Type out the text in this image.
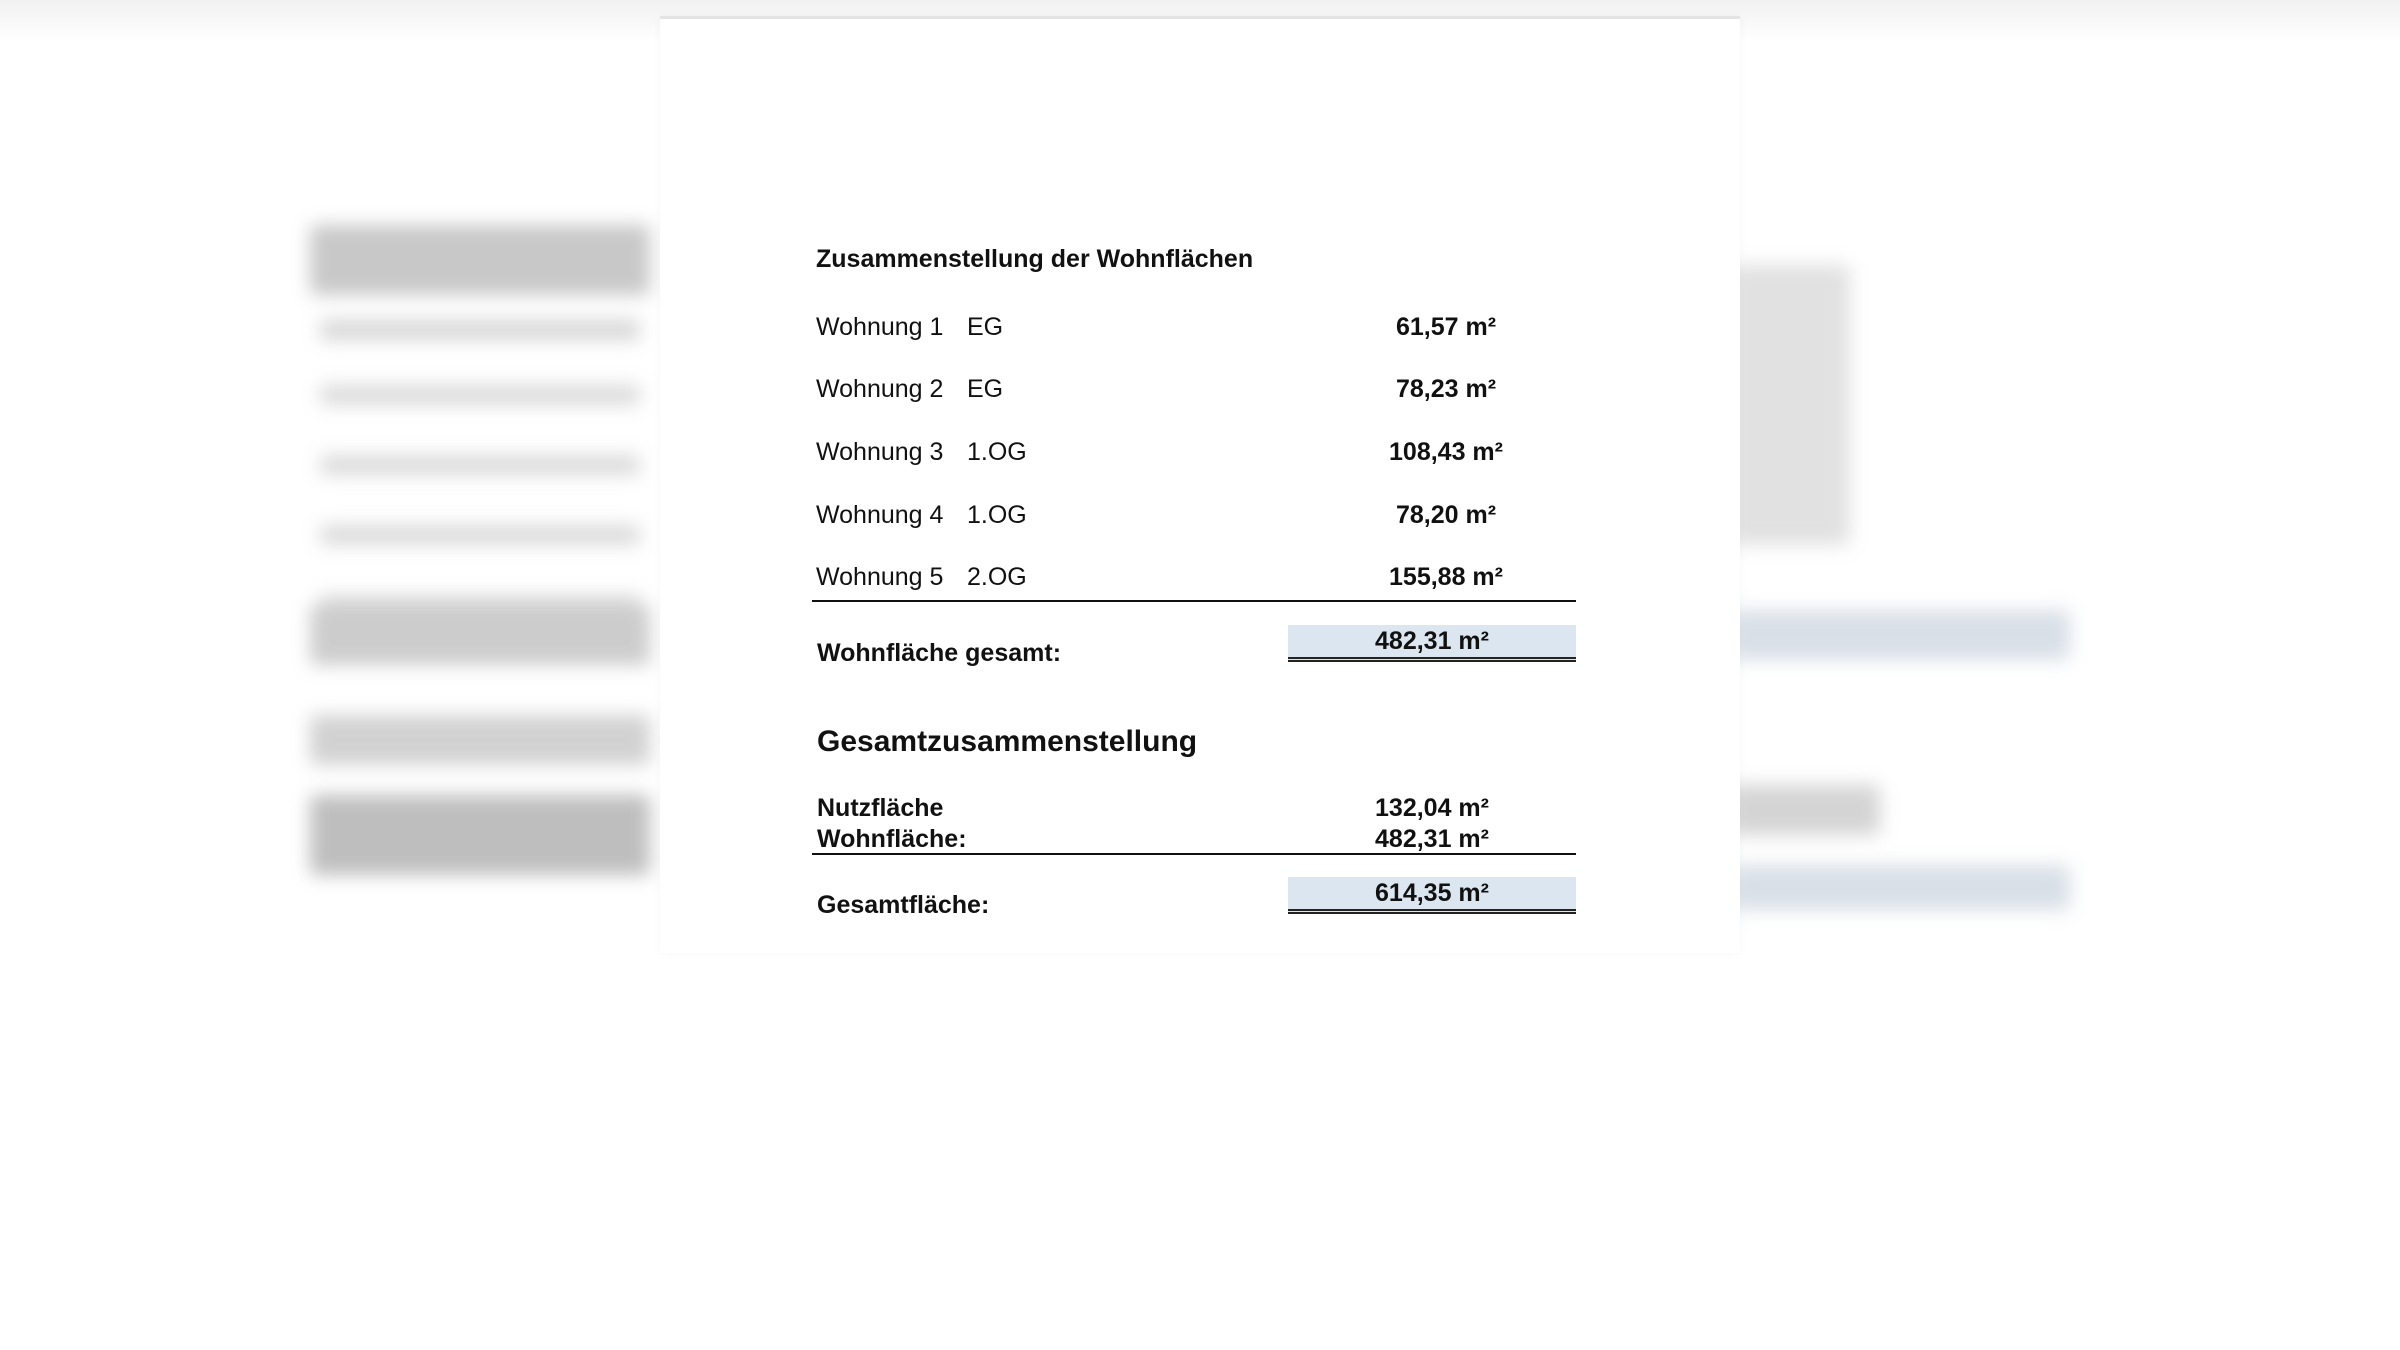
Zusammenstellung der Wohnflächen
Wohnung 1 EG	61,57 m²
Wohnung 2 EG	78,23 m²
Wohnung 3 1.OG	108,43 m²
Wohnung 4 1.OG	78,20 m²
Wohnung 5 2.OG	155,88 m²
Wohnfläche gesamt:	482,31 m²
Gesamtzusammenstellung
Nutzfläche	132,04 m²
Wohnfläche:	482,31 m²
Gesamtfläche:	614,35 m²
